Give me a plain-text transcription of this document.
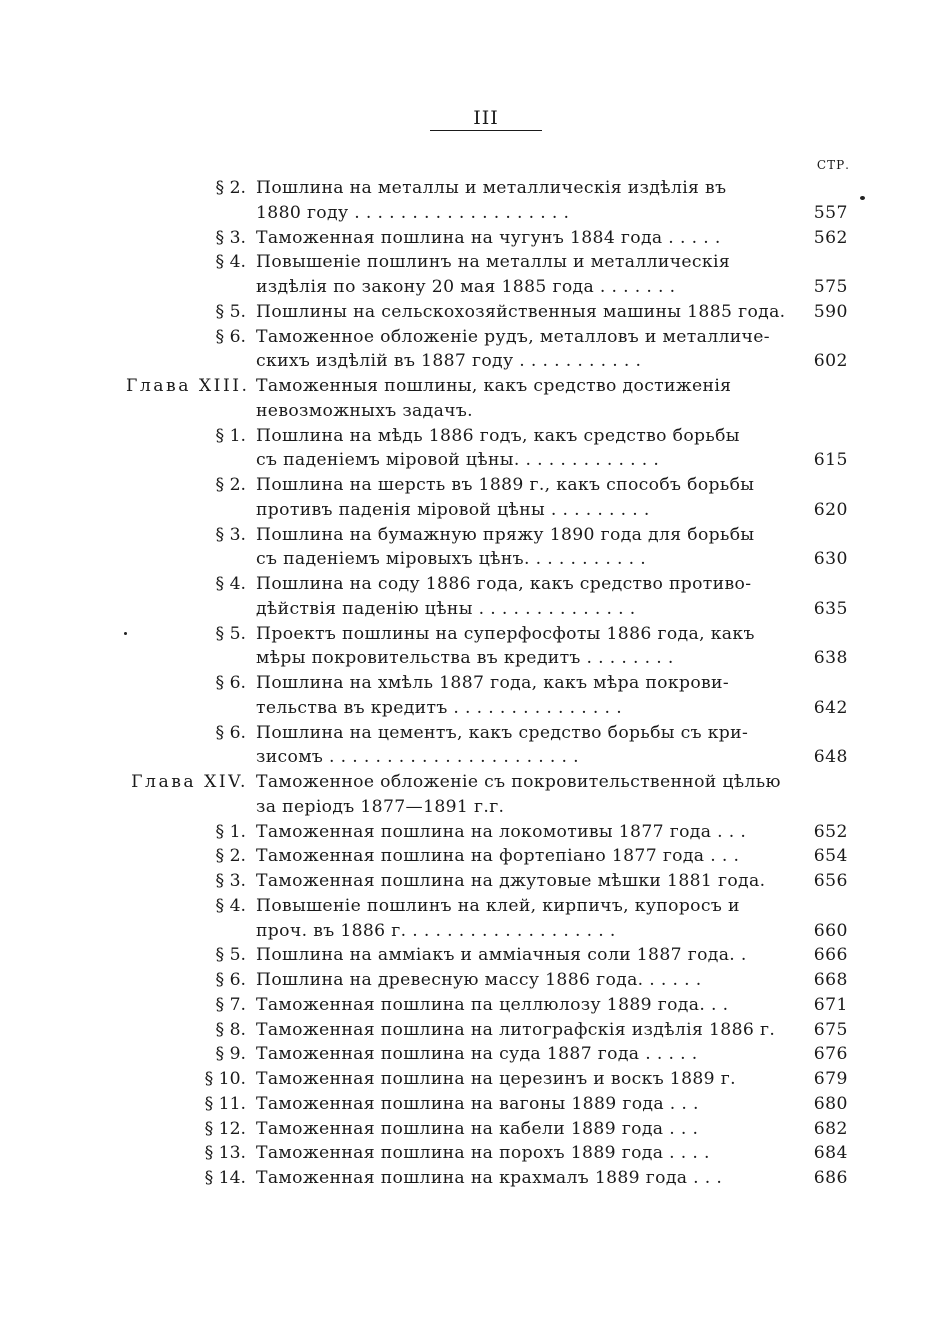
III
СТР.
§ 2. Пошлина на металлы и металлическія издѣлія въ
1880 году . . . . . . . . . . . . . . . . . . .	557
§ 3. Таможенная пошлина на чугунъ 1884 года . . . . .	562
§ 4. Повышеніе пошлинъ на металлы и металлическія
издѣлія по закону 20 мая 1885 года . . . . . . .	575
§ 5. Пошлины на сельскохозяйственныя машины 1885 года.	590
§ 6. Таможенное обложеніе рудъ, металловъ и металличе-
скихъ издѣлій въ 1887 году . . . . . . . . . . .	602
Глава XIII. Таможенныя пошлины, какъ средство достиженія
невозможныхъ задачъ.
§ 1. Пошлина на мѣдь 1886 годъ, какъ средство борьбы
съ паденіемъ міровой цѣны. . . . . . . . . . . . .	615
§ 2. Пошлина на шерсть въ 1889 г., какъ способъ борьбы
противъ паденія міровой цѣны . . . . . . . . .	620
§ 3. Пошлина на бумажную пряжу 1890 года для борьбы
съ паденіемъ міровыхъ цѣнъ. . . . . . . . . . .	630
§ 4. Пошлина на соду 1886 года, какъ средство противо-
дѣйствія паденію цѣны . . . . . . . . . . . . . .	635
§ 5. Проектъ пошлины на суперфосфоты 1886 года, какъ
мѣры покровительства въ кредитъ . . . . . . . .	638
§ 6. Пошлина на хмѣль 1887 года, какъ мѣра покрови-
тельства въ кредитъ . . . . . . . . . . . . . . .	642
§ 6. Пошлина на цементъ, какъ средство борьбы съ кри-
зисомъ . . . . . . . . . . . . . . . . . . . . . .	648
Глава XIV. Таможенное обложеніе съ покровительственной цѣлью
за періодъ 1877—1891 г.г.
§ 1. Таможенная пошлина на локомотивы 1877 года . . .	652
§ 2. Таможенная пошлина на фортепіано 1877 года . . .	654
§ 3. Таможенная пошлина на джутовые мѣшки 1881 года.	656
§ 4. Повышеніе пошлинъ на клей, кирпичъ, купоросъ и
проч. въ 1886 г. . . . . . . . . . . . . . . . . . .	660
§ 5. Пошлина на аммiакъ и аммiачныя соли 1887 года. .	666
§ 6. Пошлина на древесную массу 1886 года. . . . . .	668
§ 7. Таможенная пошлина па целлюлозу 1889 года. . .	671
§ 8. Таможенная пошлина на литографскія издѣлія 1886 г.	675
§ 9. Таможенная пошлина на суда 1887 года . . . . .	676
§ 10. Таможенная пошлина на церезинъ и воскъ 1889 г.	679
§ 11. Таможенная пошлина на вагоны 1889 года . . .	680
§ 12. Таможенная пошлина на кабели 1889 года . . .	682
§ 13. Таможенная пошлина на порохъ 1889 года . . . .	684
§ 14. Таможенная пошлина на крахмалъ 1889 года . . .	686
